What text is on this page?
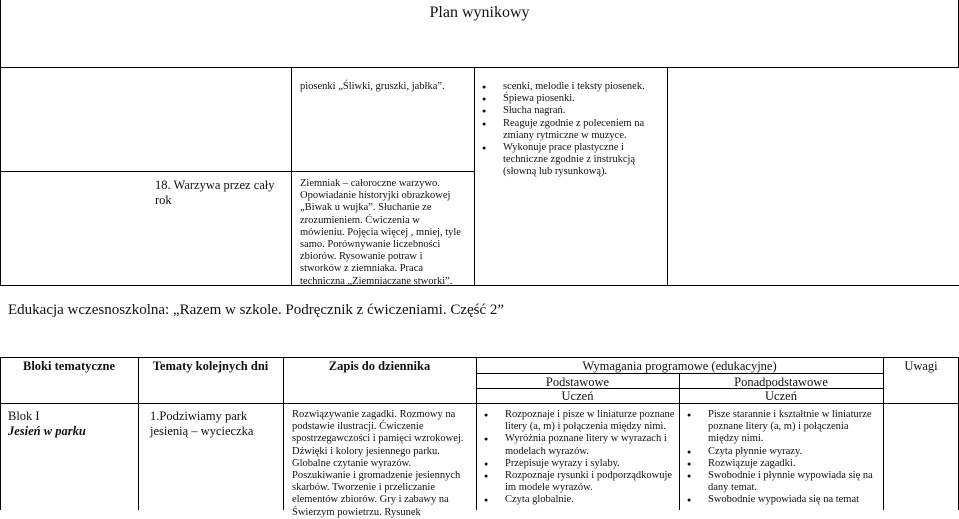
Plan wynikowy
piosenki „Śliwki, gruszki, jabłka”.
●	scenki, melodie i teksty piosenek.
● Śpiewa piosenki.
● Słucha nagrań.
● Reaguje zgodnie z poleceniem na zmiany rytmiczne w muzyce.
● Wykonuje prace plastyczne i techniczne zgodnie z instrukcją (słowną lub rysunkową).
18. Warzywa przez cały rok
Ziemniak – całoroczne warzywo. Opowiadanie historyjki obrazkowej „Biwak u wujka”. Słuchanie ze zrozumieniem. Ćwiczenia w mówieniu. Pojęcia więcej , mniej, tyle samo. Porównywanie liczebności zbiorów. Rysowanie potraw i stworków z ziemniaka. Praca techniczna „Ziemniaczane stworki”.
Edukacja wczesnoszkolna: „Razem w szkole. Podręcznik z ćwiczeniami. Część 2”
Bloki tematyczne	Tematy kolejnych dni	Zapis do dziennika	Wymagania programowe (edukacyjne)	Uwagi
Podstawowe	Ponadpodstawowe
Uczeń	Uczeń
Blok I
Jesień w parku
1.Podziwiamy park jesienią – wycieczka
Rozwiązywanie zagadki. Rozmowy na podstawie ilustracji. Ćwiczenie spostrzegawczości i pamięci wzrokowej. Dźwięki i kolory jesiennego parku. Globalne czytanie wyrazów. Poszukiwanie i gromadzenie jesiennych skarbów. Tworzenie i przeliczanie elementów zbiorów. Gry i zabawy na Świerzym powietrzu. Rysunek
● Rozpoznaje i pisze w liniaturze poznane litery (a, m) i połączenia między nimi.
● Wyróżnia poznane litery w wyrazach i modelach wyrazów.
● Przepisuje wyrazy i sylaby.
● Rozpoznaje rysunki i podporządkowuje im modele wyrazów.
● Czyta globalnie.
● Pisze starannie i kształtnie w liniaturze poznane litery (a, m) i połączenia między nimi.
● Czyta płynnie wyrazy.
● Rozwiązuje zagadki.
● Swobodnie i płynnie wypowiada się na dany temat.
● Swobodnie wypowiada się na temat
